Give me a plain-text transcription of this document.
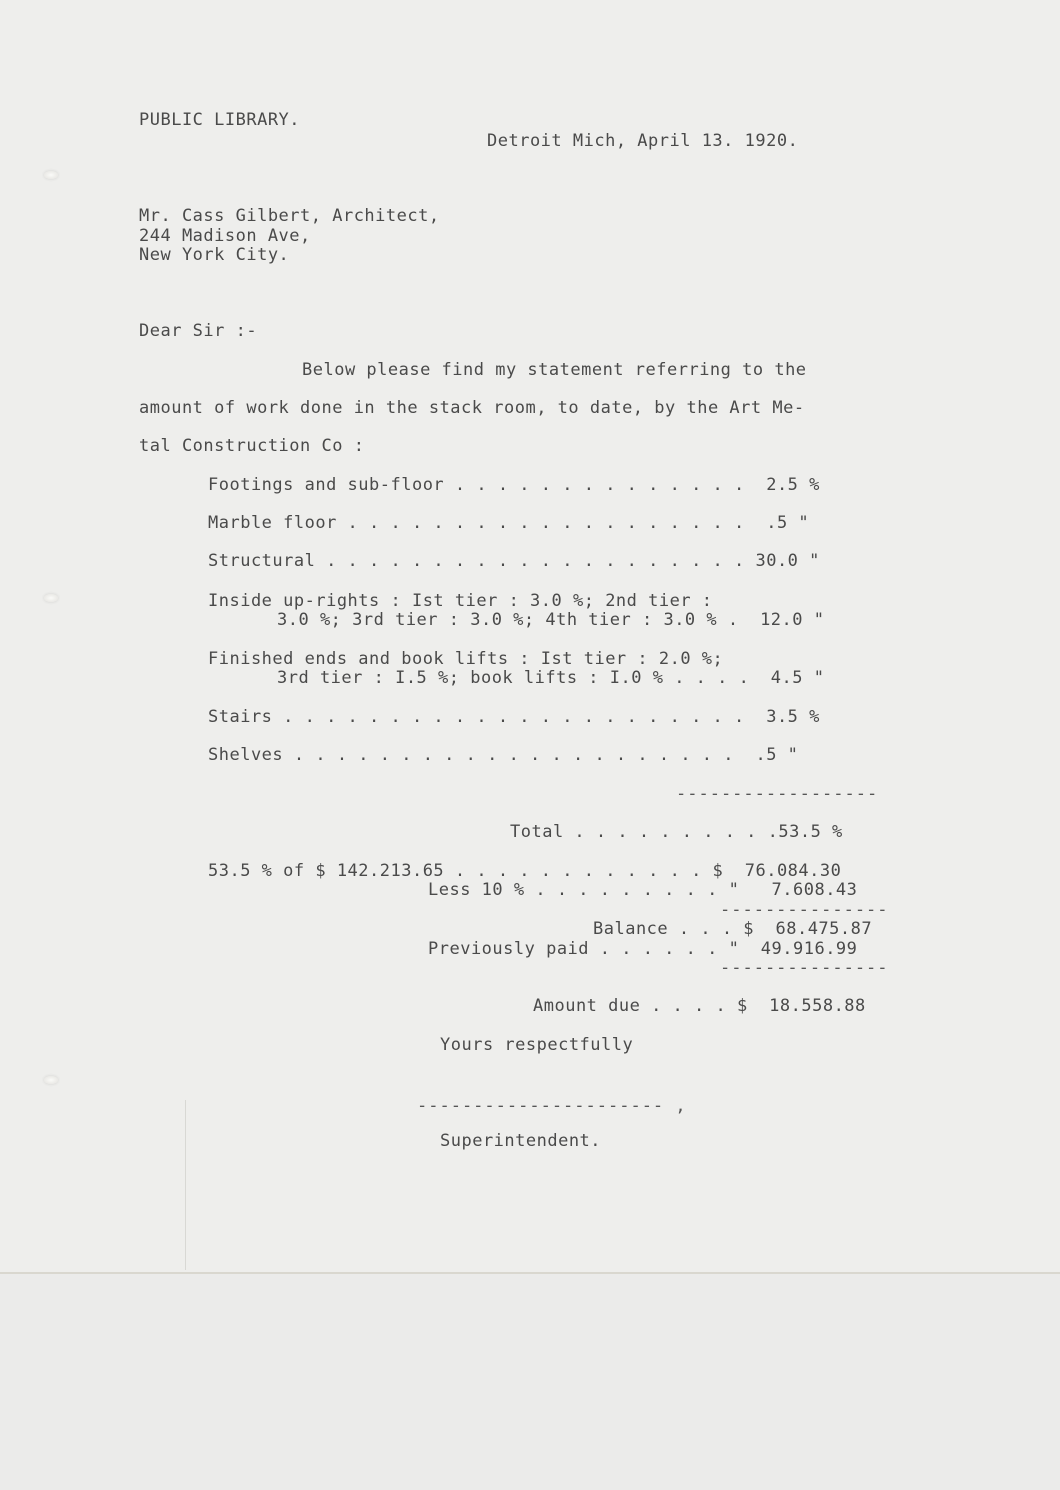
PUBLIC LIBRARY.

Detroit Mich, April 13. 1920.

Mr. Cass Gilbert, Architect,

244 Madison Ave,

New York City.

Dear Sir :-

Below please find my statement referring to the

amount of work done in the stack room, to date, by the Art Me-

tal Construction Co :

Footings and sub-floor . . . . . . . . . . . . . .  2.5 %

Marble floor . . . . . . . . . . . . . . . . . . .  .5 "

Structural . . . . . . . . . . . . . . . . . . . . 30.0 "

Inside up-rights : Ist tier : 3.0 %; 2nd tier :

3.0 %; 3rd tier : 3.0 %; 4th tier : 3.0 % .  12.0 "

Finished ends and book lifts : Ist tier : 2.0 %;

3rd tier : I.5 %; book lifts : I.0 % . . . .  4.5 "

Stairs . . . . . . . . . . . . . . . . . . . . . .  3.5 %

Shelves . . . . . . . . . . . . . . . . . . . . .  .5 "

------------------

Total . . . . . . . . . .53.5 %

53.5 % of $ 142.213.65 . . . . . . . . . . . . $  76.084.30

Less 10 % . . . . . . . . . "   7.608.43

---------------

Balance . . . $  68.475.87

Previously paid . . . . . . "  49.916.99

---------------

Amount due . . . . $  18.558.88

Yours respectfully

---------------------- ,

Superintendent.
